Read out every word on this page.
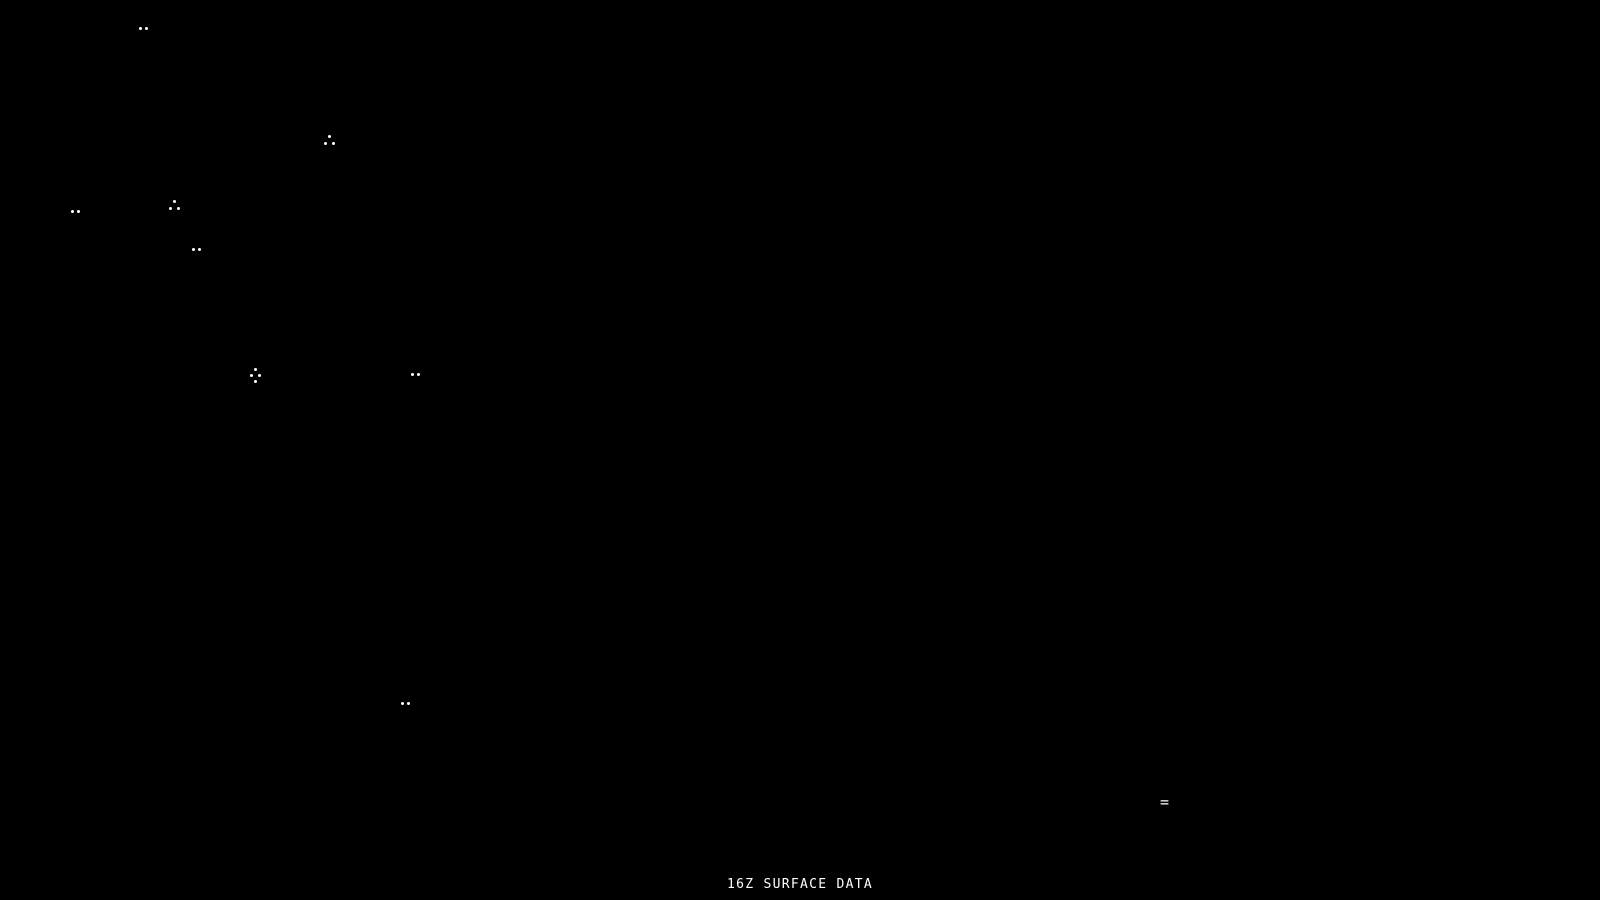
=
16Z SURFACE DATA
